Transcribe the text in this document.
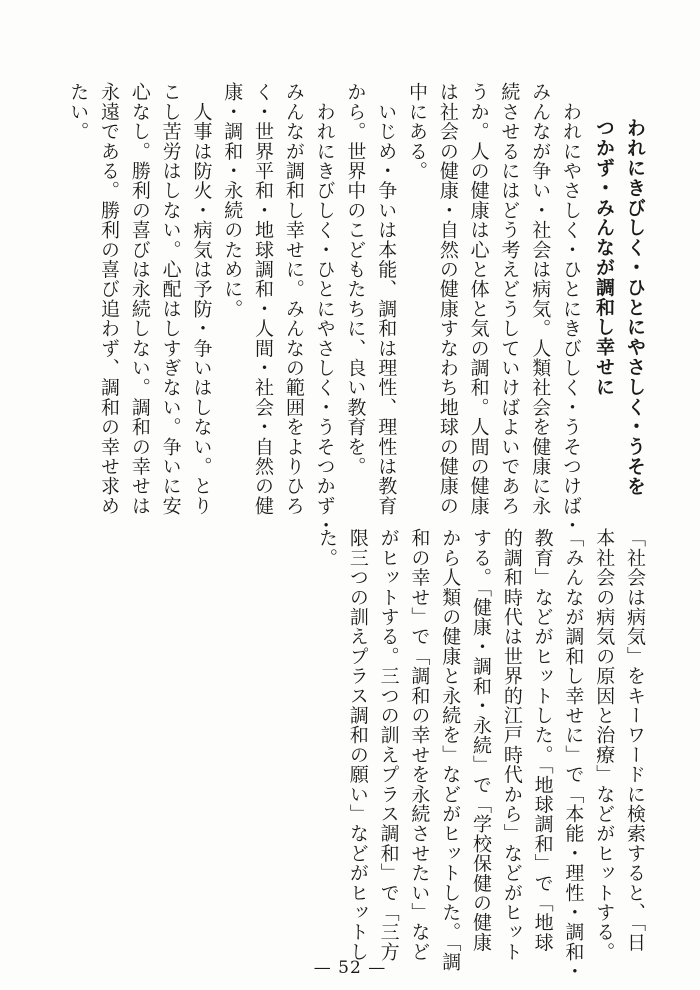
われにきびしく・ひとにやさしく・うそを
つかず・みんなが調和し幸せに
　われにやさしく・ひとにきびしく・うそつけば・
みんなが争い・社会は病気。人類社会を健康に永
続させるにはどう考えどうしていけばよいであろ
うか。人の健康は心と体と気の調和。人間の健康
は社会の健康・自然の健康すなわち地球の健康の
中にある。
　いじめ・争いは本能、調和は理性、理性は教育
から。世界中のこどもたちに、良い教育を。
　われにきびしく・ひとにやさしく・うそつかず・
みんなが調和し幸せに。みんなの範囲をよりひろ
く・世界平和・地球調和・人間・社会・自然の健
康・調和・永続のために。
　人事は防火・病気は予防・争いはしない。とり
こし苦労はしない。心配はしすぎない。争いに安
心なし。勝利の喜びは永続しない。調和の幸せは
永遠である。勝利の喜び追わず、調和の幸せ求め
たい。
「社会は病気」をキーワードに検索すると、「日
本社会の病気の原因と治療」などがヒットする。
「みんなが調和し幸せに」で「本能・理性・調和・
教育」などがヒットした。「地球調和」で「地球
的調和時代は世界的江戸時代から」などがヒット
する。「健康・調和・永続」で「学校保健の健康
から人類の健康と永続を」などがヒットした。「調
和の幸せ」で「調和の幸せを永続させたい」など
がヒットする。三つの訓えプラス調和」で「三方
限三つの訓えプラス調和の願い」などがヒットし
た。
— 52 —
